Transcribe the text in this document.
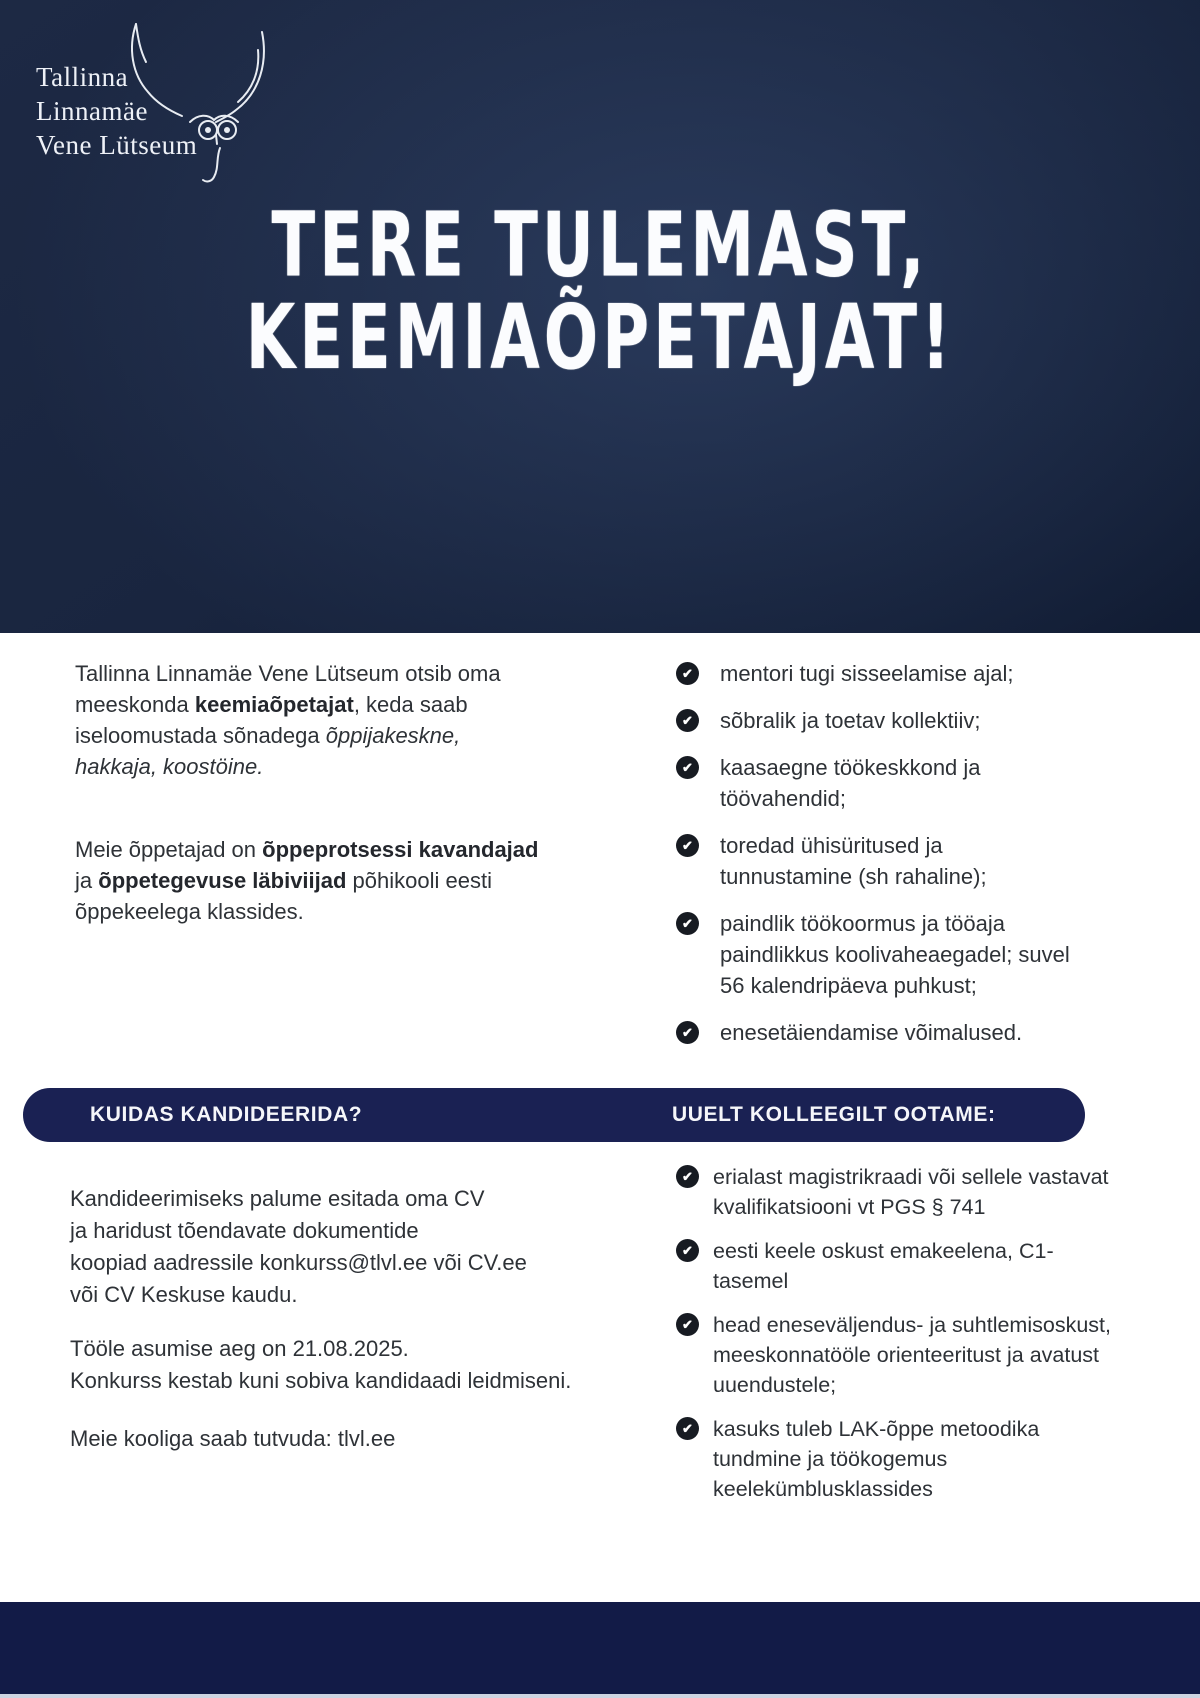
Tallinna
Linnamäe
Vene Lütseum
TERE TULEMAST,
KEEMIAÕPETAJAT!

Tallinna Linnamäe Vene Lütseum otsib oma meeskonda keemiaõpetajat, keda saab iseloomustada sõnadega õppijakeskne, hakkaja, koostöine.

Meie õppetajad on õppeprotsessi kavandajad ja õppetegevuse läbiviijad põhikooli eesti õppekeelega klassides.

✔ mentori tugi sisseelamise ajal;
✔ sõbralik ja toetav kollektiiv;
✔ kaasaegne töökeskkond ja töövahendid;
✔ toredad ühisüritused ja tunnustamine (sh rahaline);
✔ paindlik töökoormus ja tööaja paindlikkus koolivaheaegadel; suvel 56 kalendripäeva puhkust;
✔ enesetäiendamise võimalused.
KUIDAS KANDIDEERIDA?	UUELT KOLLEEGILT OOTAME:
Kandideerimiseks palume esitada oma CV
ja haridust tõendavate dokumentide
koopiad aadressile konkurss@tlvl.ee või CV.ee
või CV Keskuse kaudu.
Tööle asumise aeg on 21.08.2025.
Konkurss kestab kuni sobiva kandidaadi leidmiseni.
Meie kooliga saab tutvuda: tlvl.ee
✔ erialast magistrikraadi või sellele vastavat kvalifikatsiooni vt PGS § 741
✔ eesti keele oskust emakeelena, C1-tasemel
✔ head eneseväljendus- ja suhtlemisoskust, meeskonnatööle orienteeritust ja avatust uuendustele;
✔ kasuks tuleb LAK-õppe metoodika tundmine ja töökogemus keelekümblusklassides
